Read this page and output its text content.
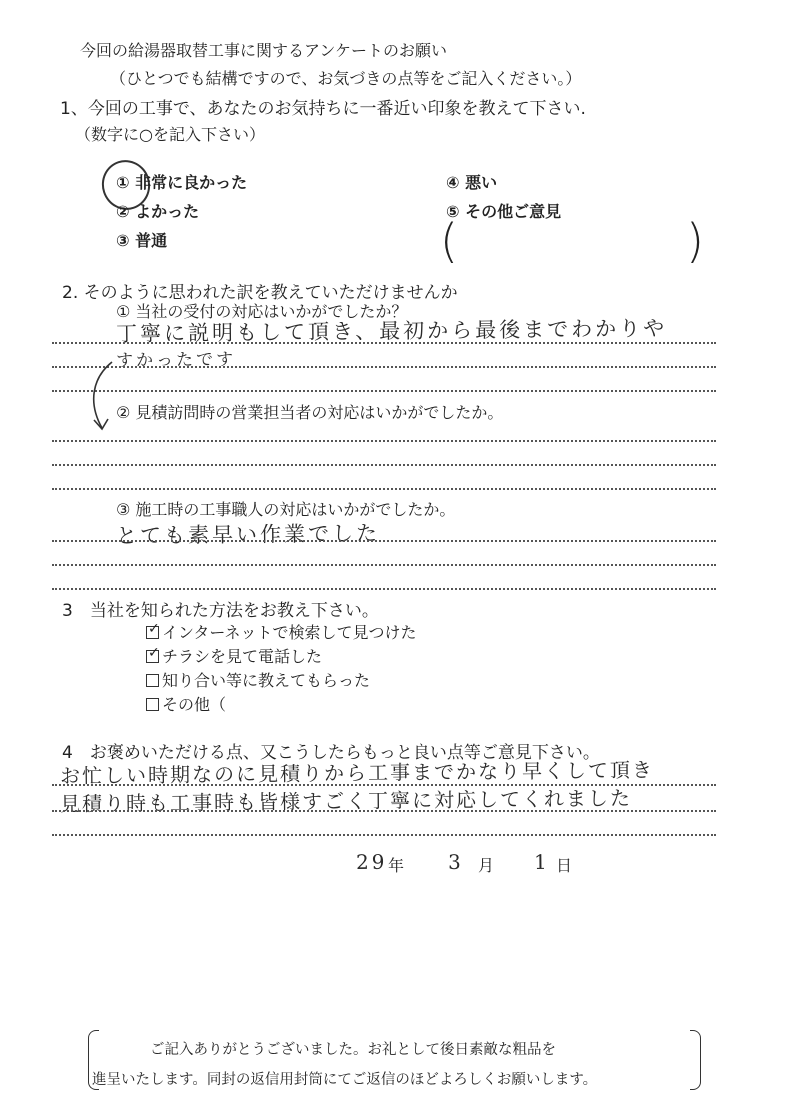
今回の給湯器取替工事に関するアンケートのお願い
（ひとつでも結構ですので、お気づきの点等をご記入ください。）
1、今回の工事で、あなたのお気持ちに一番近い印象を教えて下さい.
（数字に○を記入下さい）
① 非常に良かった
② よかった
③ 普通
④ 悪い
⑤ その他ご意見
(	)
2. そのように思われた訳を教えていただけませんか
① 当社の受付の対応はいかがでしたか？
丁寧に説明もして頂き、最初から最後までわかりや
すかったです
② 見積訪問時の営業担当者の対応はいかがでしたか。
③ 施工時の工事職人の対応はいかがでしたか。
とても素早い作業でした
3　当社を知られた方法をお教え下さい。
✓ インターネットで検索して見つけた
✓ チラシを見て電話した
知り合い等に教えてもらった
その他（
4　お褒めいただける点、又こうしたらもっと良い点等ご意見下さい。
お忙しい時期なのに見積りから工事までかなり早くして頂き
見積り時も工事時も皆様すごく丁寧に対応してくれました
29 年 3 月 1 日
ご記入ありがとうございました。お礼として後日素敵な粗品を
進呈いたします。同封の返信用封筒にてご返信のほどよろしくお願いします。
